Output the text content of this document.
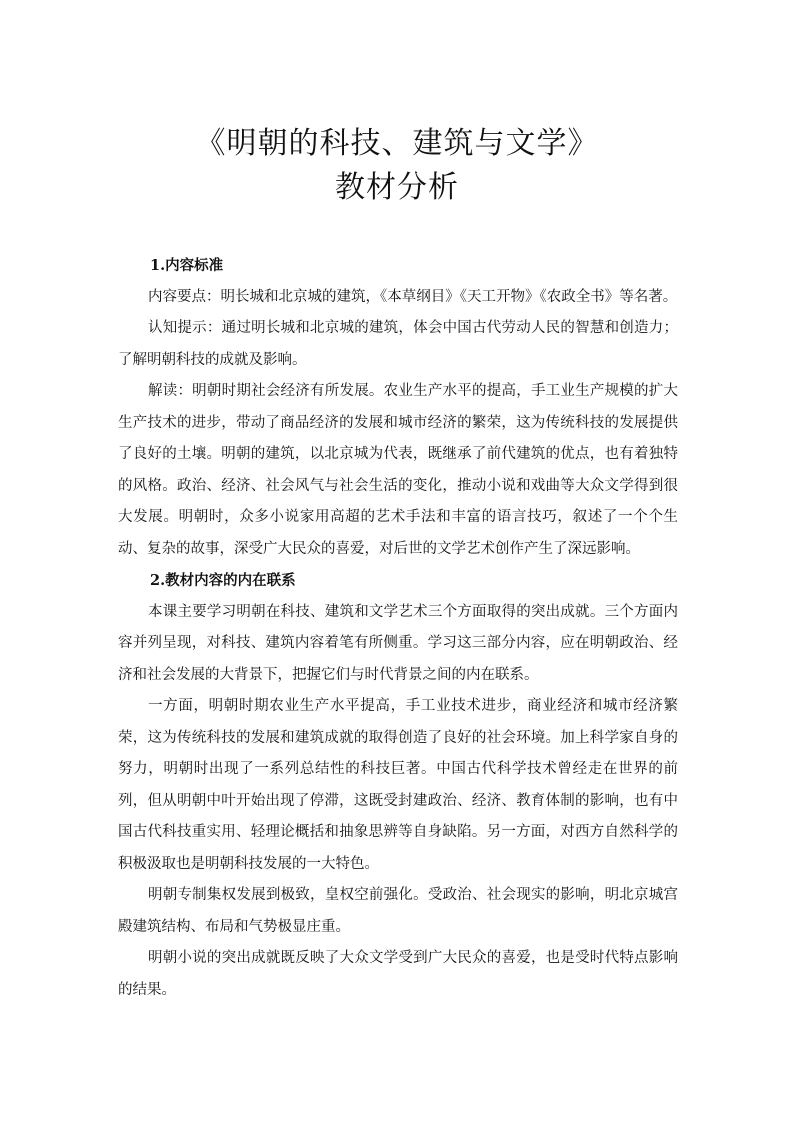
《明朝的科技、建筑与文学》
教材分析

1.内容标准

内容要点：明长城和北京城的建筑，《本草纲目》《天工开物》《农政全书》等名著。

认知提示：通过明长城和北京城的建筑，体会中国古代劳动人民的智慧和创造力；了解明朝科技的成就及影响。

解读：明朝时期社会经济有所发展。农业生产水平的提高，手工业生产规模的扩大生产技术的进步，带动了商品经济的发展和城市经济的繁荣，这为传统科技的发展提供了良好的土壤。明朝的建筑，以北京城为代表，既继承了前代建筑的优点，也有着独特的风格。政治、经济、社会风气与社会生活的变化，推动小说和戏曲等大众文学得到很大发展。明朝时，众多小说家用高超的艺术手法和丰富的语言技巧，叙述了一个个生动、复杂的故事，深受广大民众的喜爱，对后世的文学艺术创作产生了深远影响。

2.教材内容的内在联系

本课主要学习明朝在科技、建筑和文学艺术三个方面取得的突出成就。三个方面内容并列呈现，对科技、建筑内容着笔有所侧重。学习这三部分内容，应在明朝政治、经济和社会发展的大背景下，把握它们与时代背景之间的内在联系。

一方面，明朝时期农业生产水平提高，手工业技术进步，商业经济和城市经济繁荣，这为传统科技的发展和建筑成就的取得创造了良好的社会环境。加上科学家自身的努力，明朝时出现了一系列总结性的科技巨著。中国古代科学技术曾经走在世界的前列，但从明朝中叶开始出现了停滞，这既受封建政治、经济、教育体制的影响，也有中国古代科技重实用、轻理论概括和抽象思辨等自身缺陷。另一方面，对西方自然科学的积极汲取也是明朝科技发展的一大特色。

明朝专制集权发展到极致，皇权空前强化。受政治、社会现实的影响，明北京城宫殿建筑结构、布局和气势极显庄重。

明朝小说的突出成就既反映了大众文学受到广大民众的喜爱，也是受时代特点影响的结果。
